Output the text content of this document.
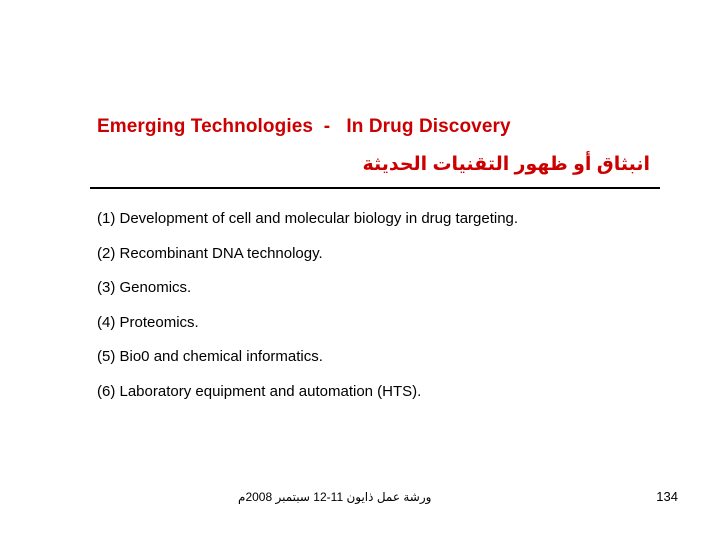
Emerging Technologies  -   In Drug Discovery
انبثاق أو ظهور التقنيات الحديثة
(1) Development of cell and molecular biology in drug targeting.
(2) Recombinant DNA technology.
(3) Genomics.
(4) Proteomics.
(5) Bio0 and chemical informatics.
(6) Laboratory equipment and automation (HTS).
ورشة عمل ذايون 11-12 سبتمبر 2008م	134
